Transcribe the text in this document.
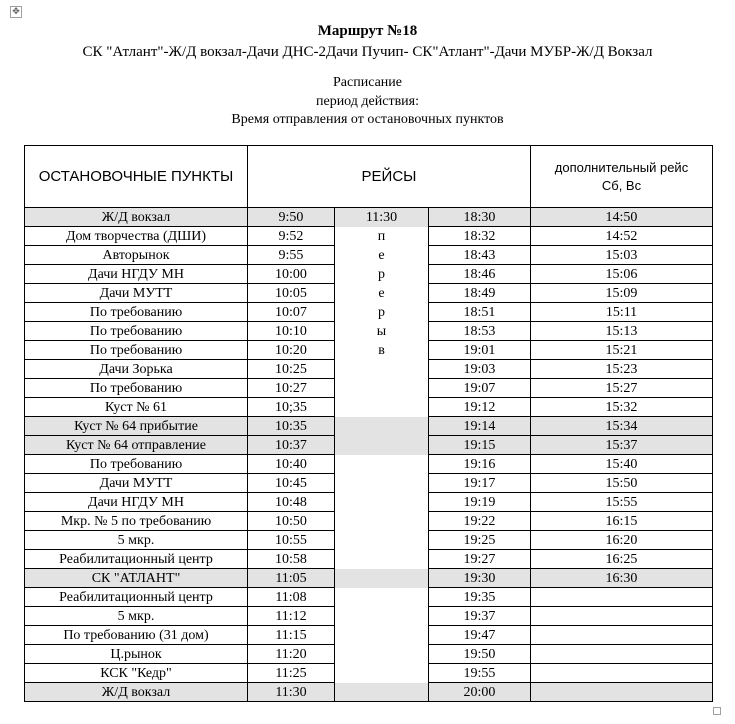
✥
Маршрут №18
СК "Атлант"-Ж/Д вокзал-Дачи ДНС-2Дачи Пучип- СК"Атлант"-Дачи МУБР-Ж/Д Вокзал
Расписание
период действия:
Время отправления от остановочных пунктов
ОСТАНОВОЧНЫЕ ПУНКТЫ	РЕЙСЫ			дополнительный рейс
Сб, Вс

Ж/Д вокзал	9:50	11:30	18:30	14:50
Дом творчества (ДШИ)	9:52	п	18:32	14:52
Авторынок	9:55	е	18:43	15:03
Дачи НГДУ МН	10:00	р	18:46	15:06
Дачи МУТТ	10:05	е	18:49	15:09
По требованию	10:07	р	18:51	15:11
По требованию	10:10	ы	18:53	15:13
По требованию	10:20	в	19:01	15:21
Дачи Зорька	10:25		19:03	15:23
По требованию	10:27		19:07	15:27
Куст № 61	10;35		19:12	15:32
Куст № 64 прибытие	10:35		19:14	15:34
Куст № 64 отправление	10:37		19:15	15:37
По требованию	10:40		19:16	15:40
Дачи МУТТ	10:45		19:17	15:50
Дачи НГДУ МН	10:48		19:19	15:55
Мкр. № 5 по требованию	10:50		19:22	16:15
5 мкр.	10:55		19:25	16:20
Реабилитационный центр	10:58		19:27	16:25
СК "АТЛАНТ"	11:05		19:30	16:30
Реабилитационный центр	11:08		19:35	
5 мкр.	11:12		19:37	
По требованию (31 дом)	11:15		19:47	
Ц.рынок	11:20		19:50	
КСК "Кедр"	11:25		19:55	
Ж/Д вокзал	11:30		20:00	
